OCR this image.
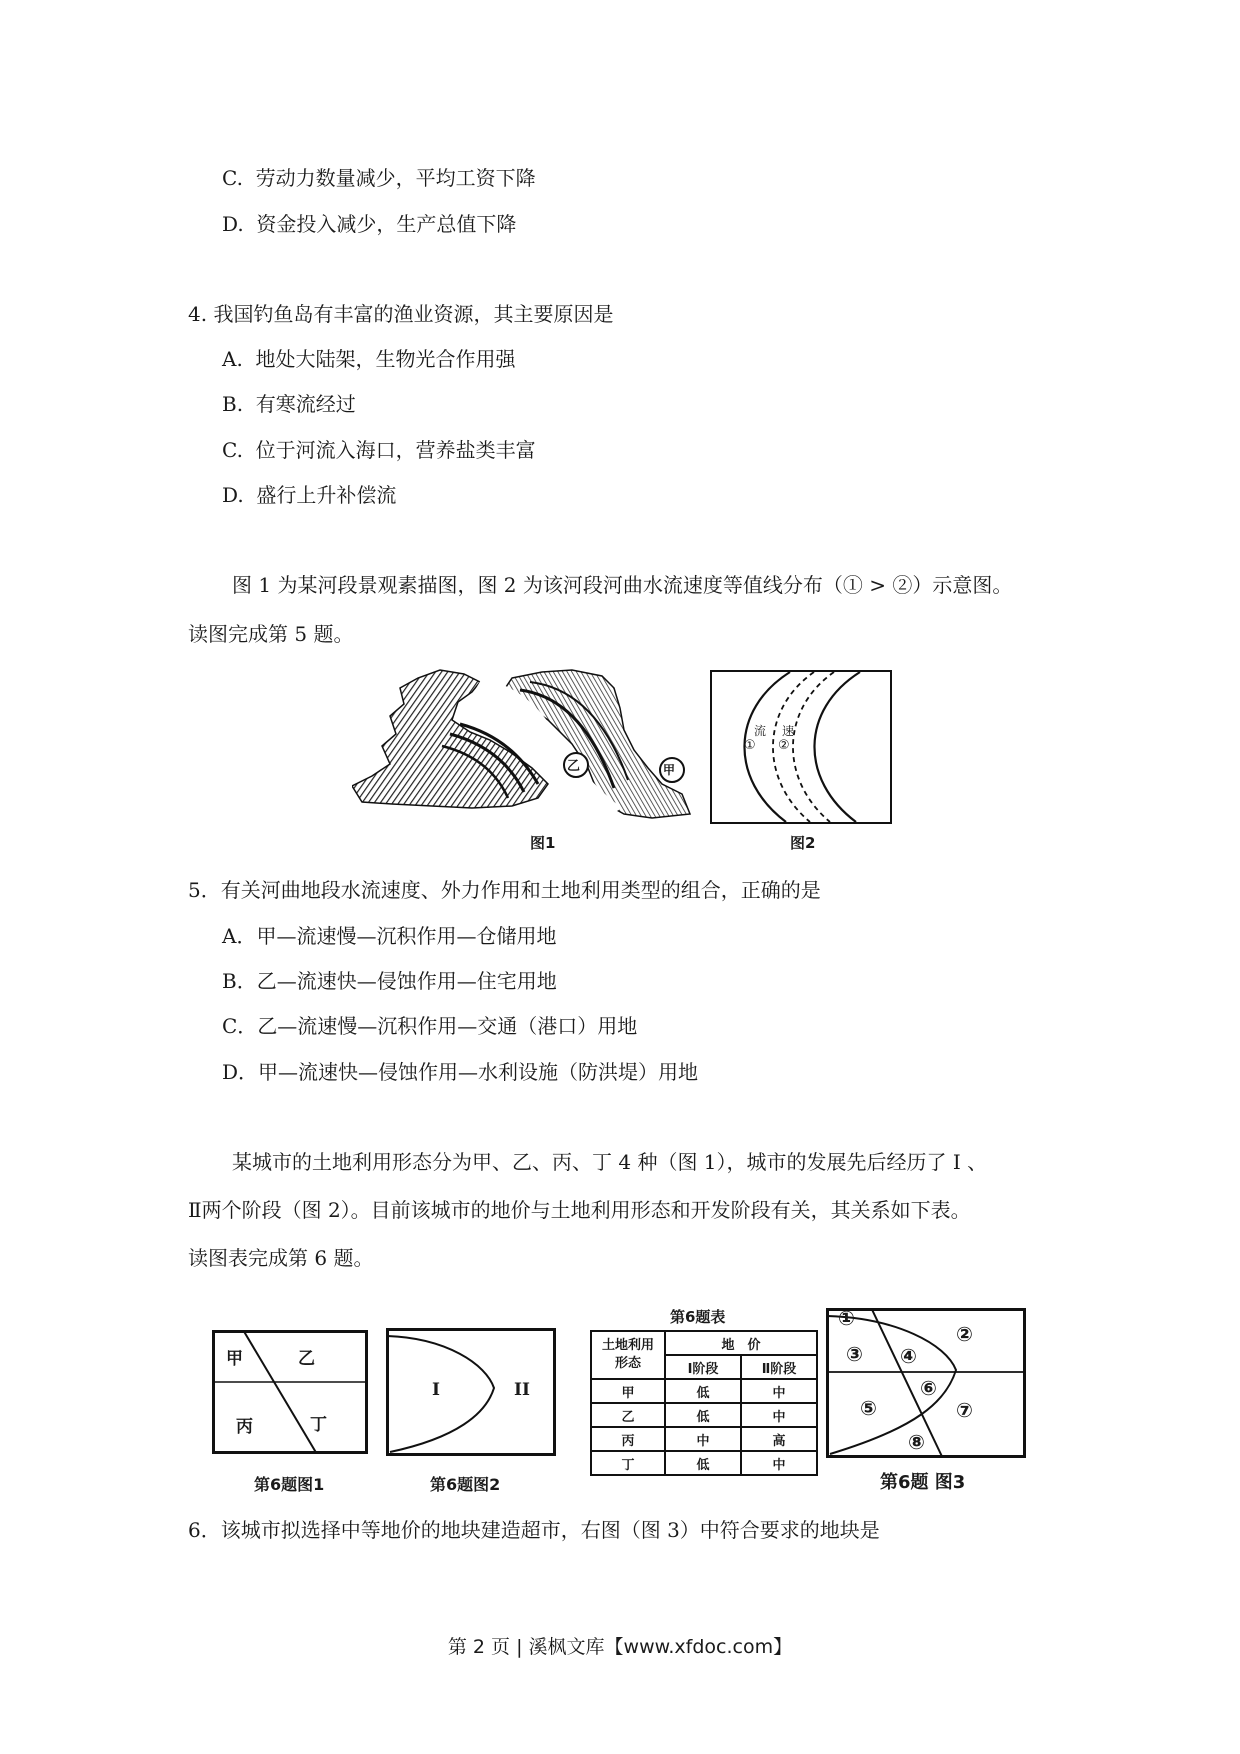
C. 劳动力数量减少，平均工资下降
D. 资金投入减少，生产总值下降
4. 我国钓鱼岛有丰富的渔业资源，其主要原因是
A. 地处大陆架，生物光合作用强
B. 有寒流经过
C. 位于河流入海口，营养盐类丰富
D. 盛行上升补偿流
图 1 为某河段景观素描图，图 2 为该河段河曲水流速度等值线分布（① > ②）示意图。
读图完成第 5 题。
乙	甲
图1
流 速
① ②
图2
5．有关河曲地段水流速度、外力作用和土地利用类型的组合，正确的是
A．甲—流速慢—沉积作用—仓储用地
B．乙—流速快—侵蚀作用—住宅用地
C．乙—流速慢—沉积作用—交通（港口）用地
D．甲—流速快—侵蚀作用—水利设施（防洪堤）用地
某城市的土地利用形态分为甲、乙、丙、丁 4 种（图 1），城市的发展先后经历了 Ⅰ 、
Ⅱ两个阶段（图 2）。目前该城市的地价与土地利用形态和开发阶段有关，其关系如下表。
读图表完成第 6 题。
甲	乙
丙	丁
第6题图1
I	II
第6题图2
第6题表
土地利用形态	地　价	
	Ⅰ阶段	Ⅱ阶段
甲	低	中
乙	低	中
丙	中	高
丁	低	中
①
②
③ ④
⑤
⑥
⑦
⑧
第6题 图3
6．该城市拟选择中等地价的地块建造超市，右图（图 3）中符合要求的地块是
第 2 页 | 溪枫文库【www.xfdoc.com】
